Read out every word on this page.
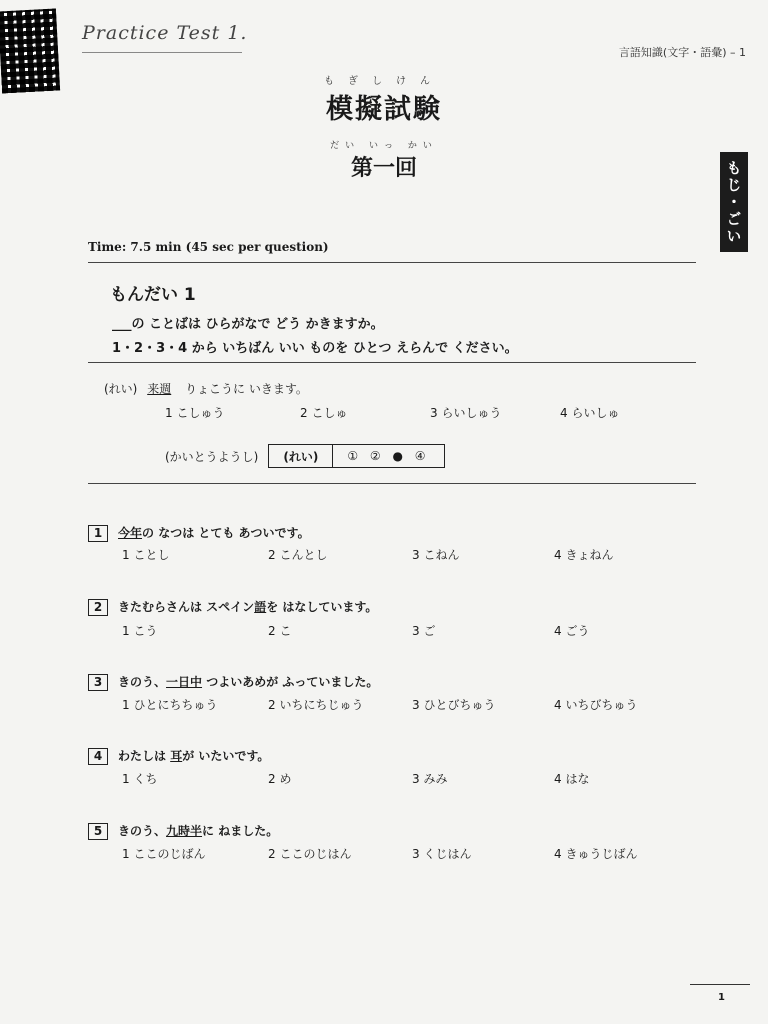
Practice Test 1.
言語知識(文字・語彙) – 1
もぎしけん
模擬試験
だい いっ かい
第一回	もじ・ごい
Time: 7.5 min (45 sec per question)
もんだい 1
___の ことばは ひらがなで どう かきますか。
1・2・3・4 から いちばん いい ものを ひとつ えらんで ください。
(れい) 来週 りょこうに いきます。
1 こしゅう	2 こしゅ	3 らいしゅう	4 らいしゅ
(かいとうようし)	(れい)	① ② ● ④
1 今年の なつは とても あついです。
1 ことし	2 こんとし	3 こねん	4 きょねん
2 きたむらさんは スペイン語を はなしています。
1 こう	2 こ	3 ご	4 ごう
3 きのう、一日中 つよいあめが ふっていました。
1 ひとにちちゅう	2 いちにちじゅう	3 ひとびちゅう	4 いちびちゅう
4 わたしは 耳が いたいです。
1 くち	2 め	3 みみ	4 はな
5 きのう、九時半に ねました。
1 ここのじばん	2 ここのじはん	3 くじはん	4 きゅうじばん
1
